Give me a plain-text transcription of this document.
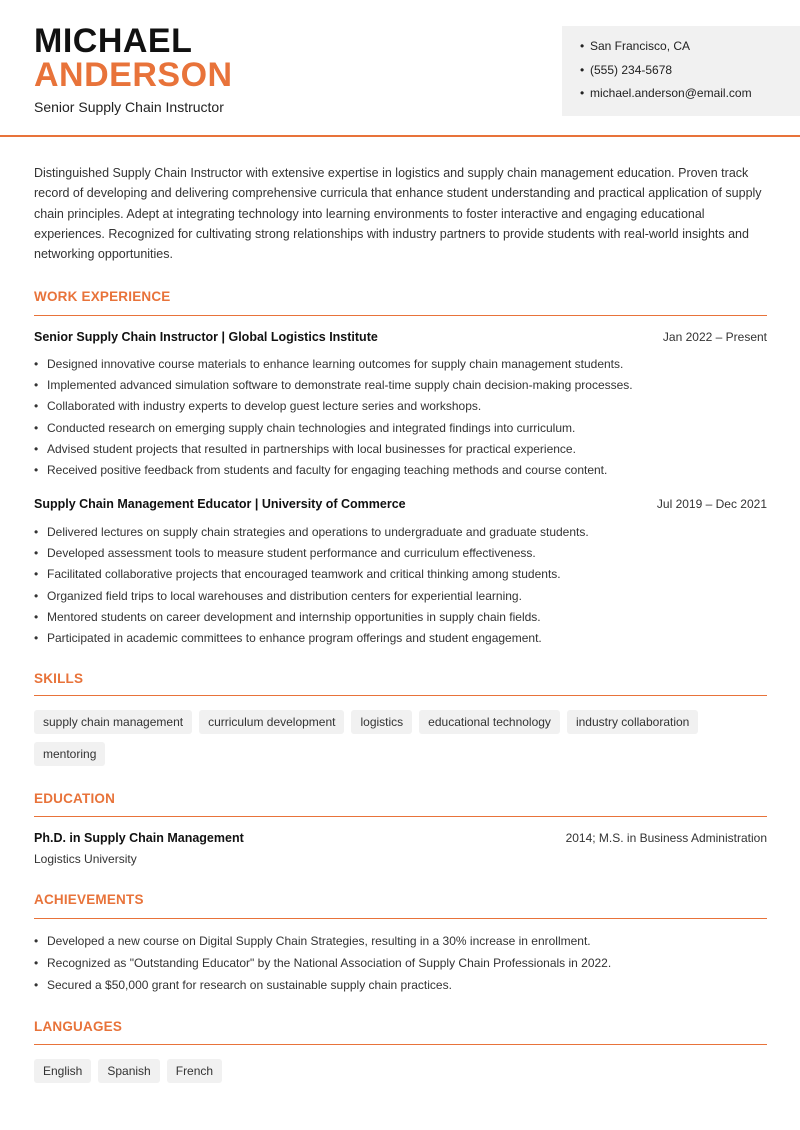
MICHAEL
ANDERSON
Senior Supply Chain Instructor
• San Francisco, CA
• (555) 234-5678
• michael.anderson@email.com
Distinguished Supply Chain Instructor with extensive expertise in logistics and supply chain management education. Proven track record of developing and delivering comprehensive curricula that enhance student understanding and practical application of supply chain principles. Adept at integrating technology into learning environments to foster interactive and engaging educational experiences. Recognized for cultivating strong relationships with industry partners to provide students with real-world insights and networking opportunities.
WORK EXPERIENCE
Senior Supply Chain Instructor | Global Logistics Institute	Jan 2022 – Present
• Designed innovative course materials to enhance learning outcomes for supply chain management students.
• Implemented advanced simulation software to demonstrate real-time supply chain decision-making processes.
• Collaborated with industry experts to develop guest lecture series and workshops.
• Conducted research on emerging supply chain technologies and integrated findings into curriculum.
• Advised student projects that resulted in partnerships with local businesses for practical experience.
• Received positive feedback from students and faculty for engaging teaching methods and course content.
Supply Chain Management Educator | University of Commerce	Jul 2019 – Dec 2021
• Delivered lectures on supply chain strategies and operations to undergraduate and graduate students.
• Developed assessment tools to measure student performance and curriculum effectiveness.
• Facilitated collaborative projects that encouraged teamwork and critical thinking among students.
• Organized field trips to local warehouses and distribution centers for experiential learning.
• Mentored students on career development and internship opportunities in supply chain fields.
• Participated in academic committees to enhance program offerings and student engagement.
SKILLS
supply chain management	curriculum development	logistics	educational technology	industry collaboration
mentoring
EDUCATION
Ph.D. in Supply Chain Management	2014; M.S. in Business Administration
Logistics University
ACHIEVEMENTS
• Developed a new course on Digital Supply Chain Strategies, resulting in a 30% increase in enrollment.
• Recognized as "Outstanding Educator" by the National Association of Supply Chain Professionals in 2022.
• Secured a $50,000 grant for research on sustainable supply chain practices.
LANGUAGES
English	Spanish	French
